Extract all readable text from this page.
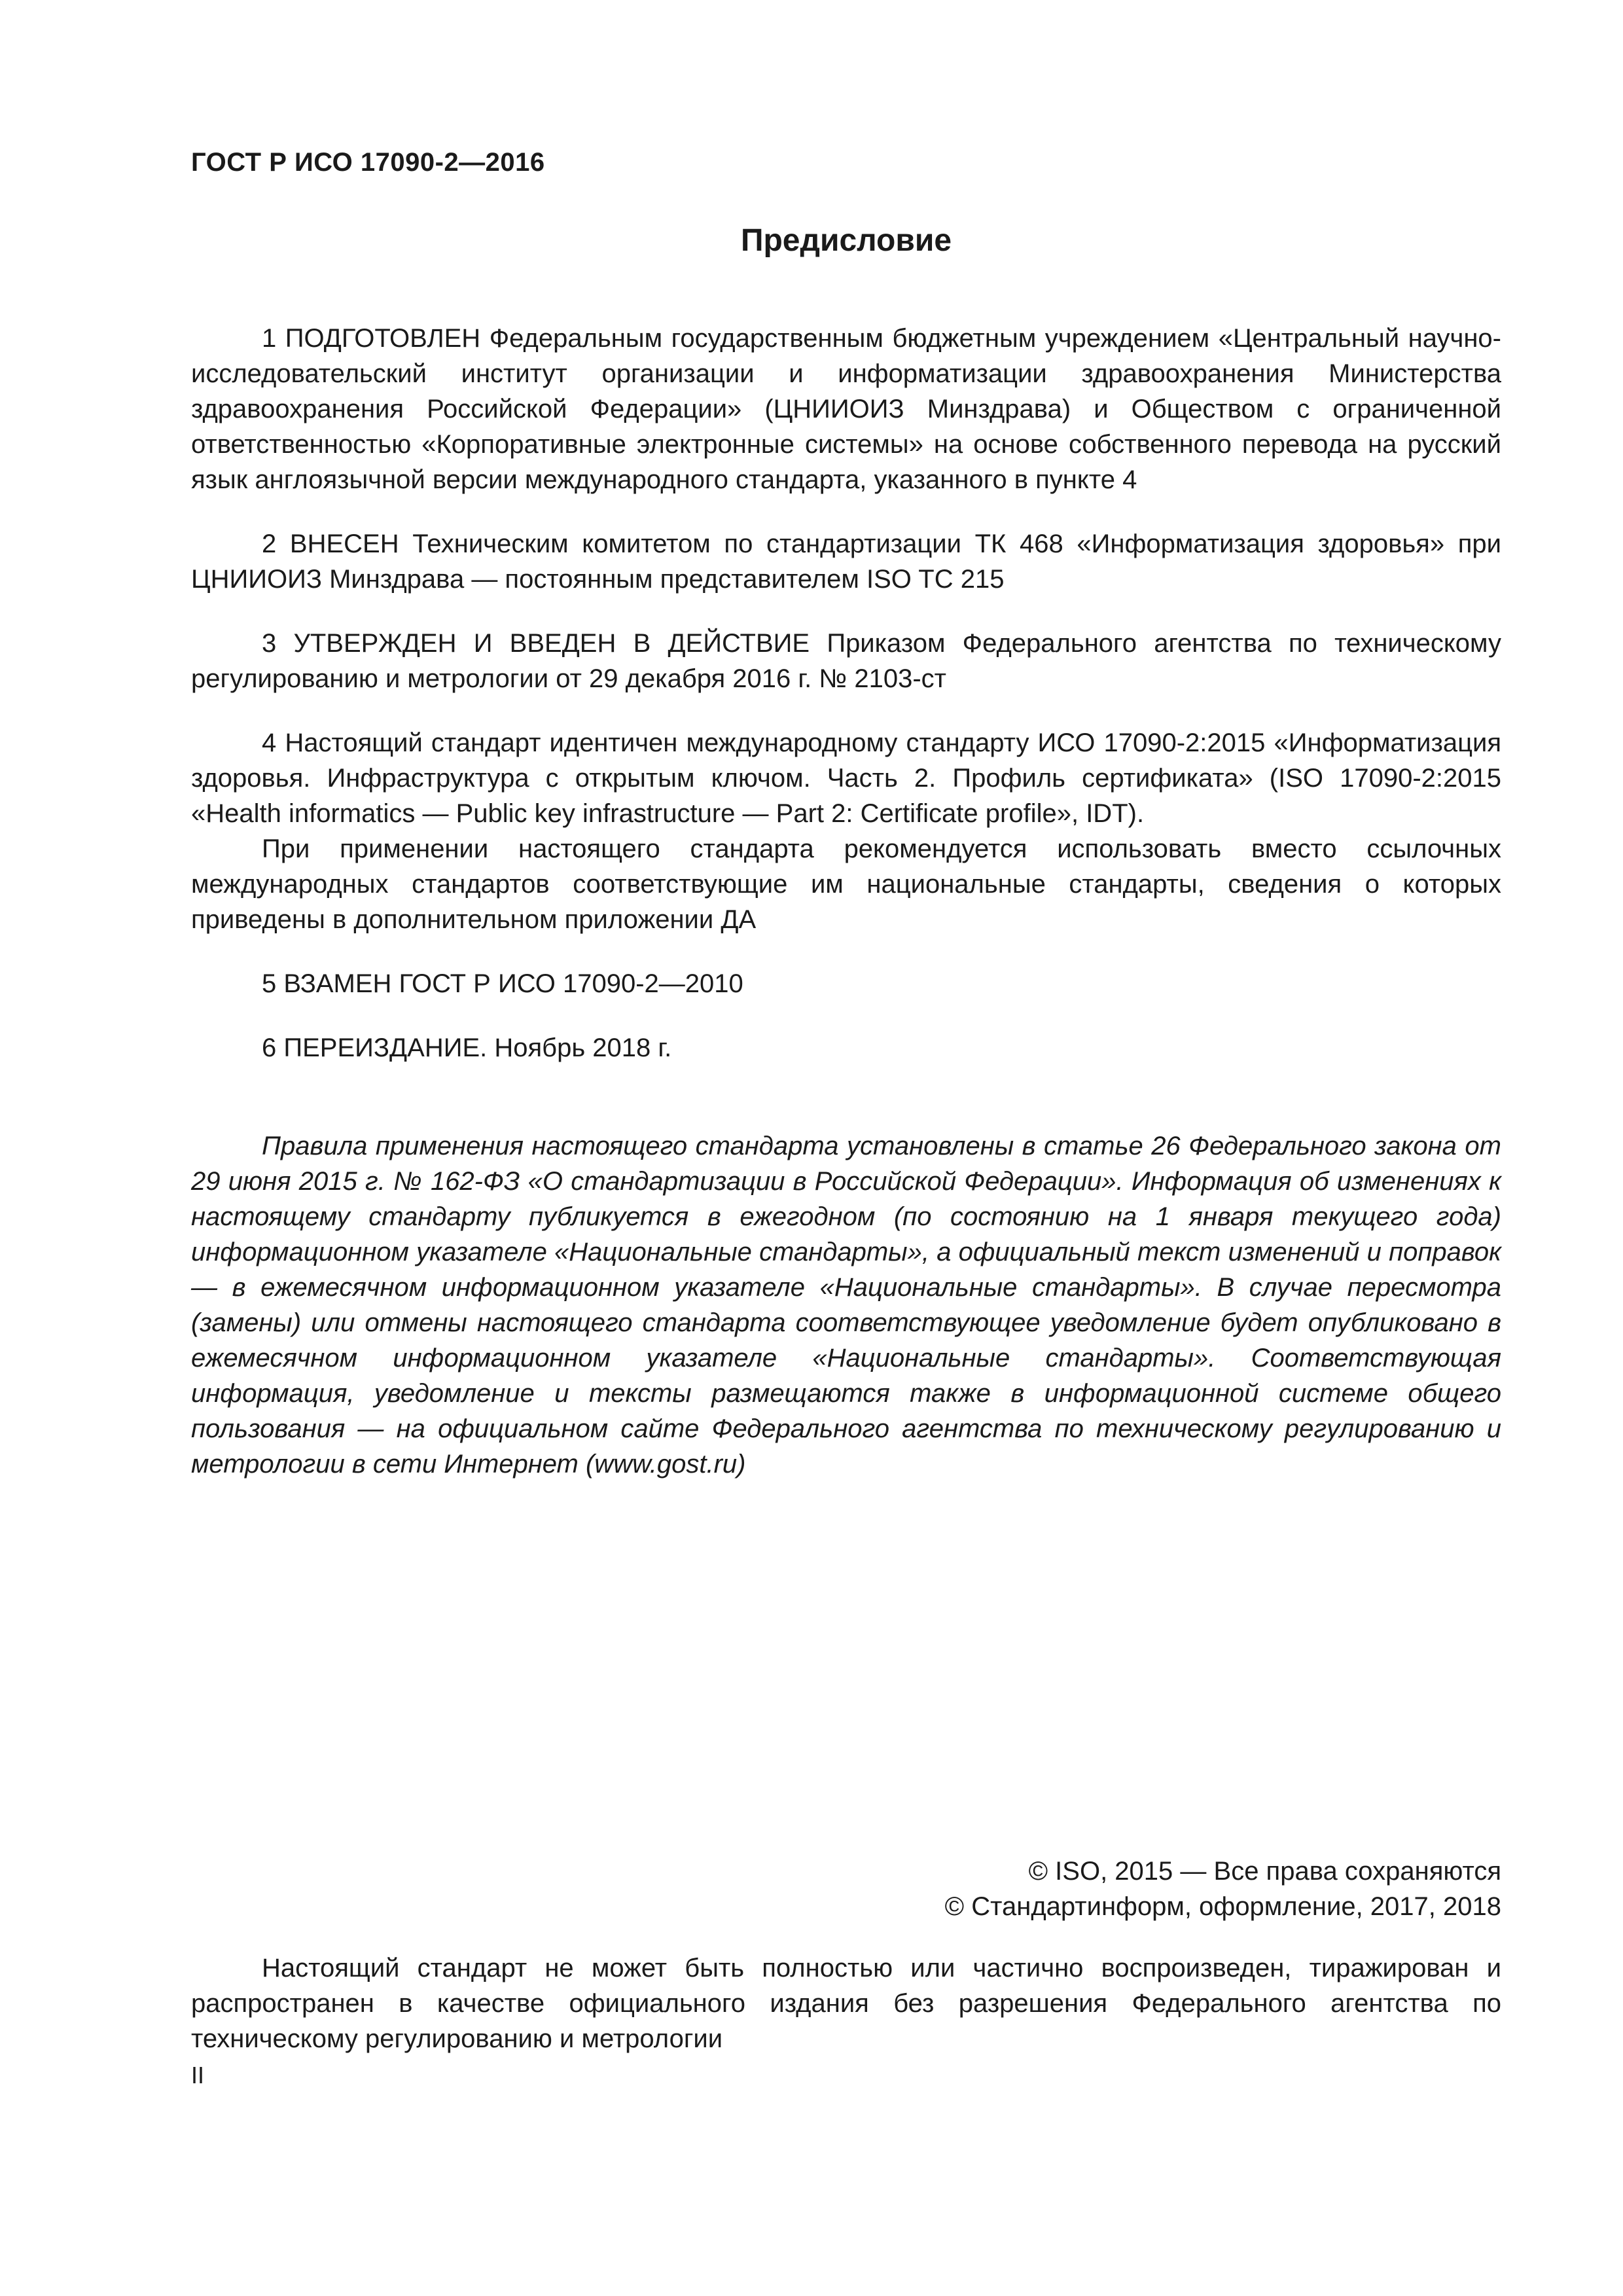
ГОСТ Р ИСО 17090-2—2016
Предисловие

1 ПОДГОТОВЛЕН Федеральным государственным бюджетным учреждением «Центральный научно-исследовательский институт организации и информатизации здравоохранения Министерства здравоохранения Российской Федерации» (ЦНИИОИЗ Минздрава) и Обществом с ограниченной ответственностью «Корпоративные электронные системы» на основе собственного перевода на русский язык англоязычной версии международного стандарта, указанного в пункте 4

2 ВНЕСЕН Техническим комитетом по стандартизации ТК 468 «Информатизация здоровья» при ЦНИИОИЗ Минздрава — постоянным представителем ISO TC 215

3 УТВЕРЖДЕН И ВВЕДЕН В ДЕЙСТВИЕ Приказом Федерального агентства по техническому регулированию и метрологии от 29 декабря 2016 г. № 2103-ст

4 Настоящий стандарт идентичен международному стандарту ИСО 17090-2:2015 «Информатизация здоровья. Инфраструктура с открытым ключом. Часть 2. Профиль сертификата» (ISO 17090-2:2015 «Health informatics — Public key infrastructure — Part 2: Certificate profile», IDT).

При применении настоящего стандарта рекомендуется использовать вместо ссылочных международных стандартов соответствующие им национальные стандарты, сведения о которых приведены в дополнительном приложении ДА

5 ВЗАМЕН ГОСТ Р ИСО 17090-2—2010

6 ПЕРЕИЗДАНИЕ. Ноябрь 2018 г.

Правила применения настоящего стандарта установлены в статье 26 Федерального закона от 29 июня 2015 г. № 162-ФЗ «О стандартизации в Российской Федерации». Информация об изменениях к настоящему стандарту публикуется в ежегодном (по состоянию на 1 января текущего года) информационном указателе «Национальные стандарты», а официальный текст изменений и поправок — в ежемесячном информационном указателе «Национальные стандарты». В случае пересмотра (замены) или отмены настоящего стандарта соответствующее уведомление будет опубликовано в ежемесячном информационном указателе «Национальные стандарты». Соответствующая информация, уведомление и тексты размещаются также в информационной системе общего пользования — на официальном сайте Федерального агентства по техническому регулированию и метрологии в сети Интернет (www.gost.ru)

© ISO, 2015 — Все права сохраняются
© Стандартинформ, оформление, 2017, 2018

Настоящий стандарт не может быть полностью или частично воспроизведен, тиражирован и распространен в качестве официального издания без разрешения Федерального агентства по техническому регулированию и метрологии

II
